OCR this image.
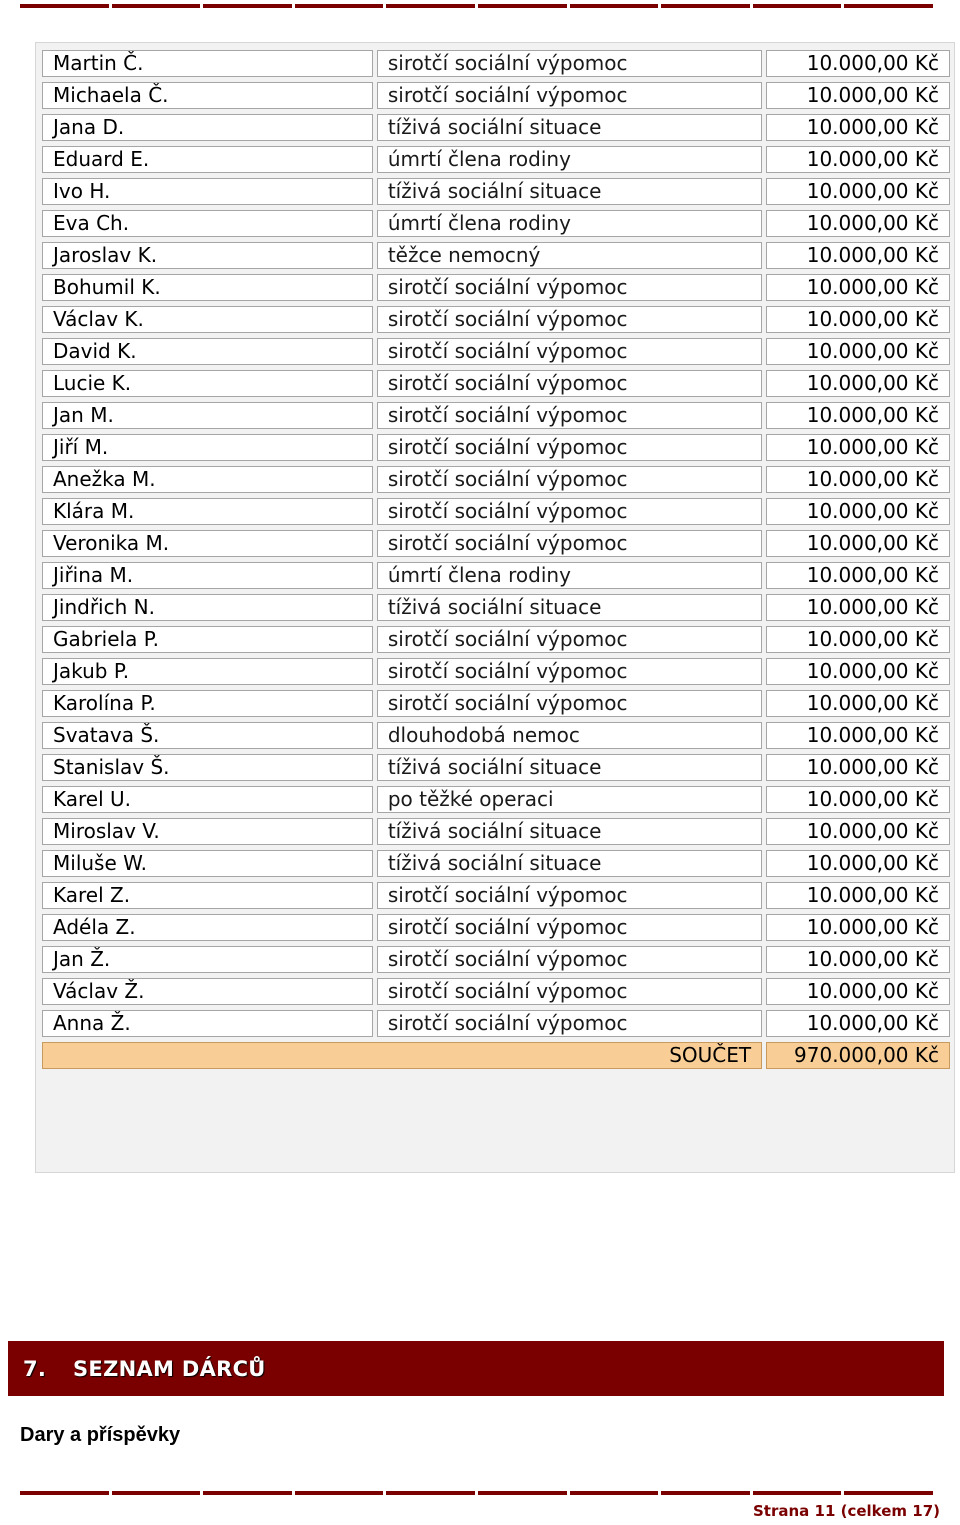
Martin Č.	sirotčí sociální výpomoc	10.000,00 Kč
Michaela Č.	sirotčí sociální výpomoc	10.000,00 Kč
Jana D.	tíživá sociální situace	10.000,00 Kč
Eduard E.	úmrtí člena rodiny	10.000,00 Kč
Ivo H.	tíživá sociální situace	10.000,00 Kč
Eva Ch.	úmrtí člena rodiny	10.000,00 Kč
Jaroslav K.	těžce nemocný	10.000,00 Kč
Bohumil K.	sirotčí sociální výpomoc	10.000,00 Kč
Václav K.	sirotčí sociální výpomoc	10.000,00 Kč
David K.	sirotčí sociální výpomoc	10.000,00 Kč
Lucie K.	sirotčí sociální výpomoc	10.000,00 Kč
Jan M.	sirotčí sociální výpomoc	10.000,00 Kč
Jiří M.	sirotčí sociální výpomoc	10.000,00 Kč
Anežka M.	sirotčí sociální výpomoc	10.000,00 Kč
Klára M.	sirotčí sociální výpomoc	10.000,00 Kč
Veronika M.	sirotčí sociální výpomoc	10.000,00 Kč
Jiřina M.	úmrtí člena rodiny	10.000,00 Kč
Jindřich N.	tíživá sociální situace	10.000,00 Kč
Gabriela P.	sirotčí sociální výpomoc	10.000,00 Kč
Jakub P.	sirotčí sociální výpomoc	10.000,00 Kč
Karolína P.	sirotčí sociální výpomoc	10.000,00 Kč
Svatava Š.	dlouhodobá nemoc	10.000,00 Kč
Stanislav Š.	tíživá sociální situace	10.000,00 Kč
Karel U.	po těžké operaci	10.000,00 Kč
Miroslav V.	tíživá sociální situace	10.000,00 Kč
Miluše W.	tíživá sociální situace	10.000,00 Kč
Karel Z.	sirotčí sociální výpomoc	10.000,00 Kč
Adéla Z.	sirotčí sociální výpomoc	10.000,00 Kč
Jan Ž.	sirotčí sociální výpomoc	10.000,00 Kč
Václav Ž.	sirotčí sociální výpomoc	10.000,00 Kč
Anna Ž.	sirotčí sociální výpomoc	10.000,00 Kč
SOUČET		970.000,00 Kč
7.	SEZNAM DÁRCŮ
Dary a příspěvky
Strana 11 (celkem 17)
